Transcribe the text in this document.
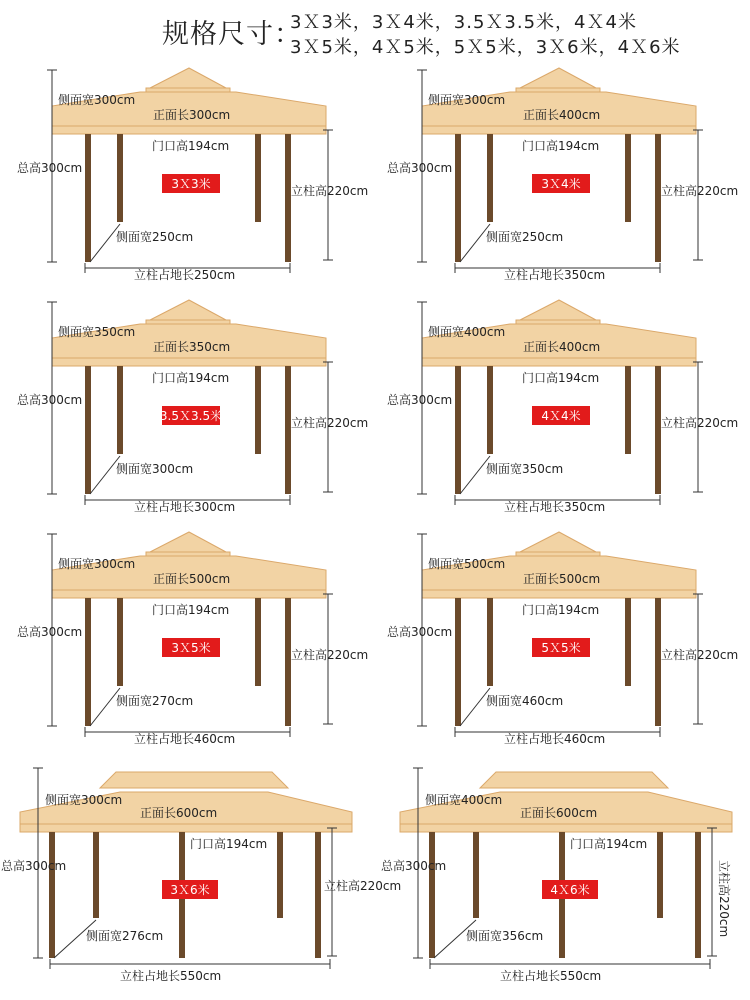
规格尺寸：
3Ｘ3米，3Ｘ4米，3.5Ｘ3.5米，4Ｘ4米
3Ｘ5米，4Ｘ5米，5Ｘ5米，3Ｘ6米，4Ｘ6米
3Ｘ3米
侧面宽300cm
正面长300cm
门口高194cm
侧面宽250cm
立柱占地长250cm
总高300cm
立柱高220cm	3Ｘ4米
侧面宽300cm
正面长400cm
门口高194cm
侧面宽250cm
立柱占地长350cm
总高300cm
立柱高220cm
3.5Ｘ3.5米
侧面宽350cm
正面长350cm
门口高194cm
侧面宽300cm
立柱占地长300cm
总高300cm
立柱高220cm	4Ｘ4米
侧面宽400cm
正面长400cm
门口高194cm
侧面宽350cm
立柱占地长350cm
总高300cm
立柱高220cm
3Ｘ5米
侧面宽300cm
正面长500cm
门口高194cm
侧面宽270cm
立柱占地长460cm
总高300cm
立柱高220cm	5Ｘ5米
侧面宽500cm
正面长500cm
门口高194cm
侧面宽460cm
立柱占地长460cm
总高300cm
立柱高220cm
3Ｘ6米
侧面宽300cm
正面长600cm
门口高194cm
侧面宽276cm
立柱占地长550cm
总高300cm
立柱高220cm	4Ｘ6米
侧面宽400cm
正面长600cm
门口高194cm
侧面宽356cm
立柱占地长550cm
总高300cm	立柱高220cm
